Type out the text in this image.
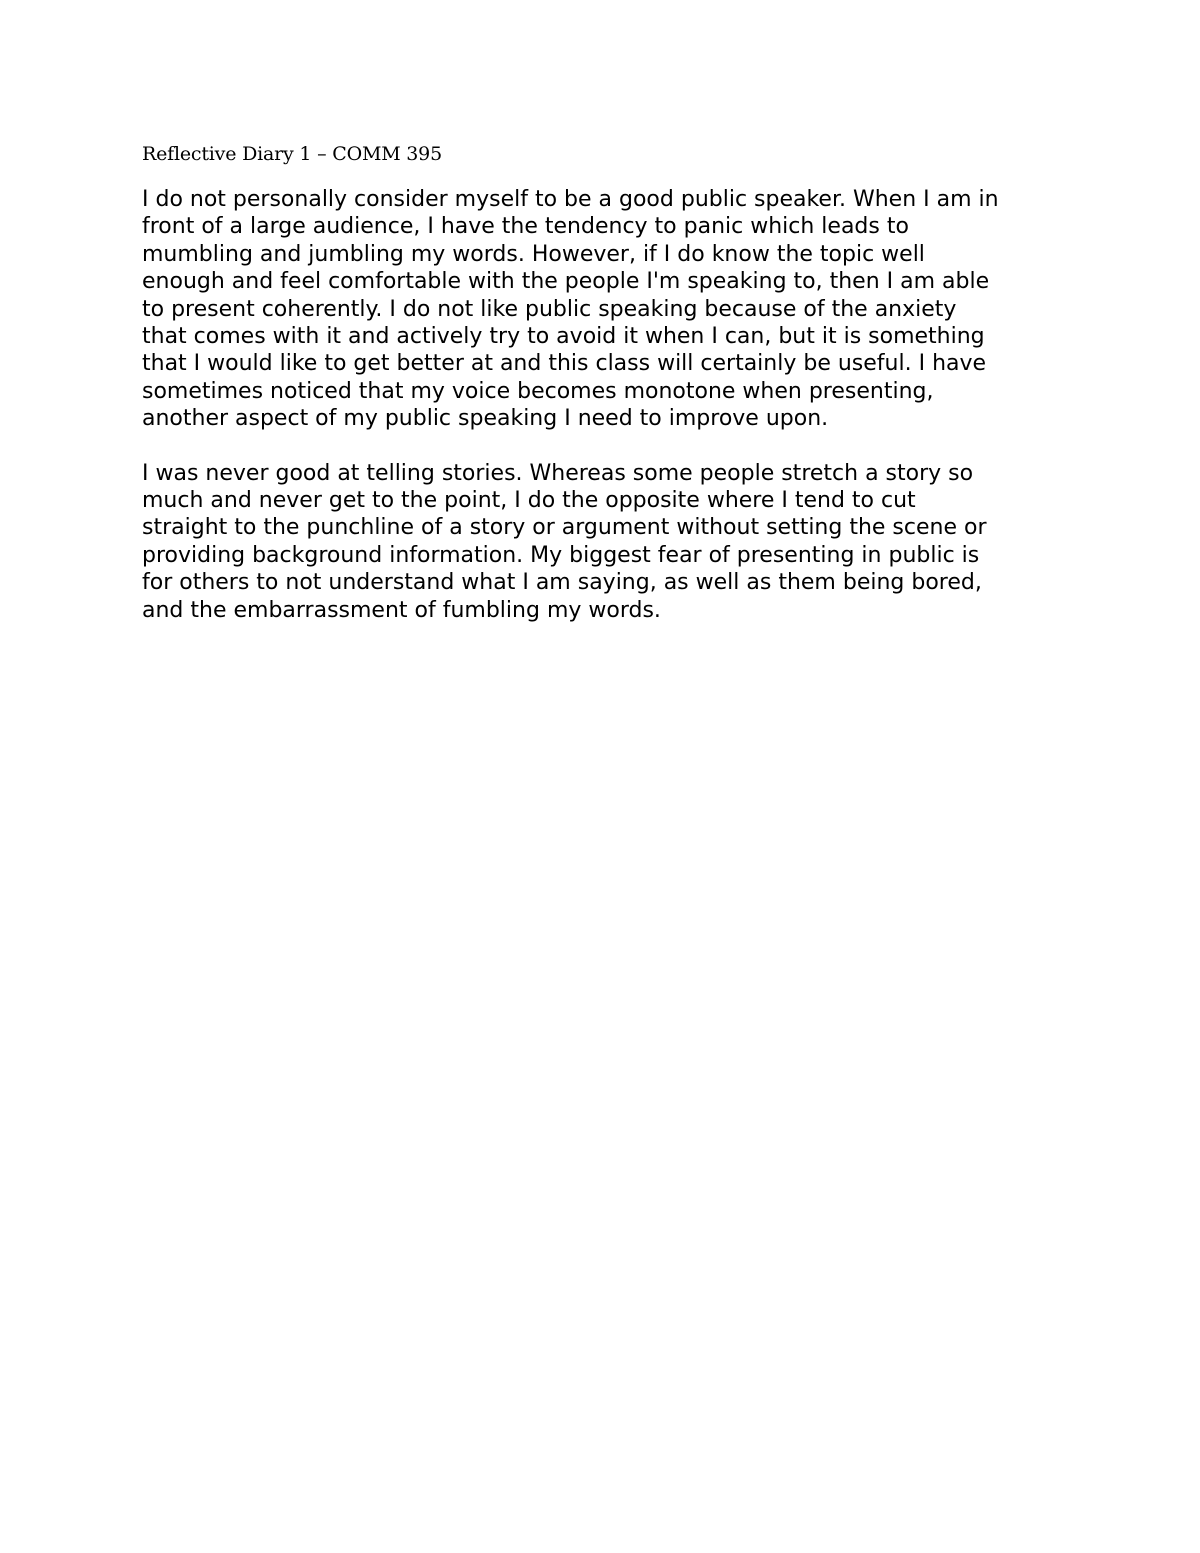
Reflective Diary 1 – COMM 395

I do not personally consider myself to be a good public speaker. When I am in
front of a large audience, I have the tendency to panic which leads to
mumbling and jumbling my words. However, if I do know the topic well
enough and feel comfortable with the people I'm speaking to, then I am able
to present coherently. I do not like public speaking because of the anxiety
that comes with it and actively try to avoid it when I can, but it is something
that I would like to get better at and this class will certainly be useful. I have
sometimes noticed that my voice becomes monotone when presenting,
another aspect of my public speaking I need to improve upon.

I was never good at telling stories. Whereas some people stretch a story so
much and never get to the point, I do the opposite where I tend to cut
straight to the punchline of a story or argument without setting the scene or
providing background information. My biggest fear of presenting in public is
for others to not understand what I am saying, as well as them being bored,
and the embarrassment of fumbling my words.
